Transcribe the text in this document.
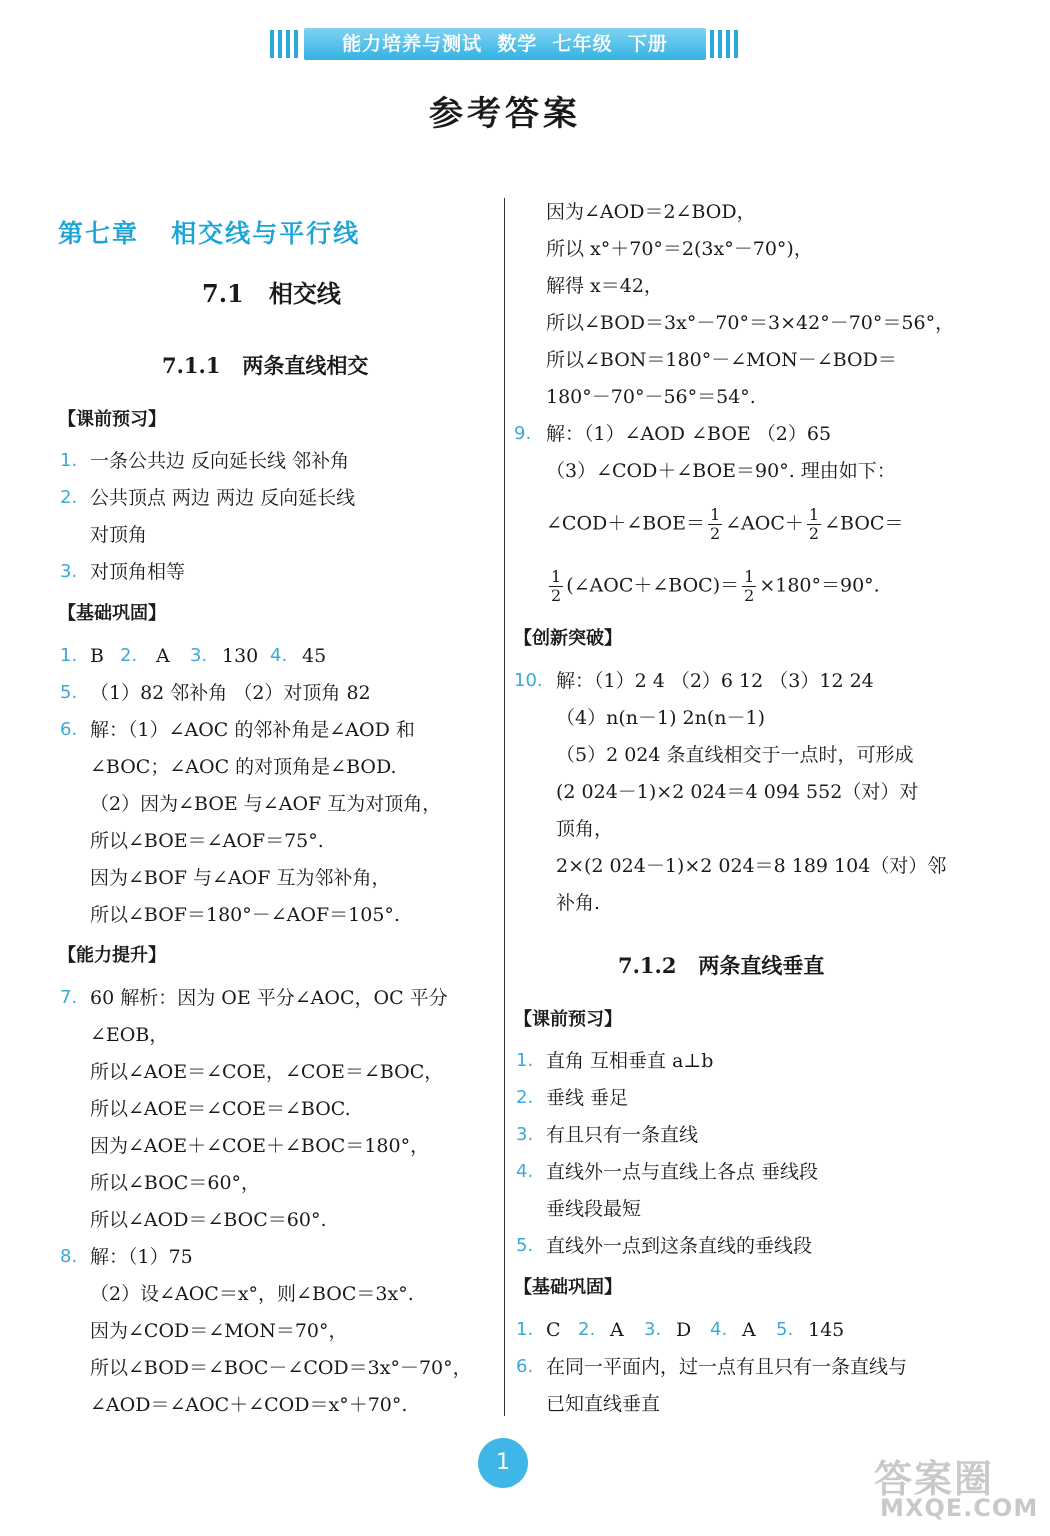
能力培养与测试  数学  七年级  下册
参考答案
第七章   相交线与平行线
7.1   相交线
7.1.1   两条直线相交
【课前预习】
1. 一条公共边 反向延长线 邻补角
2. 公共顶点 两边 两边 反向延长线
对顶角
3. 对顶角相等
【基础巩固】
1. B 2. A 3. 130 4. 45
5. （1）82 邻补角 （2）对顶角 82
6. 解：（1）∠AOC 的邻补角是∠AOD 和
∠BOC；∠AOC 的对顶角是∠BOD.
（2）因为∠BOE 与∠AOF 互为对顶角，
所以∠BOE＝∠AOF＝75°.
因为∠BOF 与∠AOF 互为邻补角，
所以∠BOF＝180°－∠AOF＝105°.
【能力提升】
7. 60 解析：因为 OE 平分∠AOC，OC 平分
∠EOB，
所以∠AOE＝∠COE，∠COE＝∠BOC，
所以∠AOE＝∠COE＝∠BOC.
因为∠AOE＋∠COE＋∠BOC＝180°，
所以∠BOC＝60°，
所以∠AOD＝∠BOC＝60°.
8. 解：（1）75
（2）设∠AOC＝x°，则∠BOC＝3x°.
因为∠COD＝∠MON＝70°，
所以∠BOD＝∠BOC－∠COD＝3x°－70°，
∠AOD＝∠AOC＋∠COD＝x°＋70°.
因为∠AOD＝2∠BOD，
所以 x°＋70°＝2(3x°－70°)，
解得 x＝42，
所以∠BOD＝3x°－70°＝3×42°－70°＝56°，
所以∠BON＝180°－∠MON－∠BOD＝
180°－70°－56°＝54°.
9. 解：（1）∠AOD ∠BOE （2）65
（3）∠COD＋∠BOE＝90°. 理由如下：
∠COD＋∠BOE＝ $\frac{1}{2}$ ∠AOC＋ $\frac{1}{2}$ ∠BOC＝
$\frac{1}{2}$ (∠AOC＋∠BOC)＝ $\frac{1}{2} \times 180^\circ=90^\circ$.
【创新突破】
10. 解：（1）2 4 （2）6 12 （3）12 24
（4）n(n－1) 2n(n－1)
（5）2 024 条直线相交于一点时，可形成
(2 024－1)×2 024＝4 094 552（对）对
顶角，
2×(2 024－1)×2 024＝8 189 104（对）邻
补角.
7.1.2   两条直线垂直
【课前预习】
1. 直角 互相垂直 a⊥b
2. 垂线 垂足
3. 有且只有一条直线
4. 直线外一点与直线上各点 垂线段
垂线段最短
5. 直线外一点到这条直线的垂线段
【基础巩固】
1. C 2. A 3. D 4. A 5. 145
6. 在同一平面内，过一点有且只有一条直线与
已知直线垂直
1	答案圈
MXQE.COM
